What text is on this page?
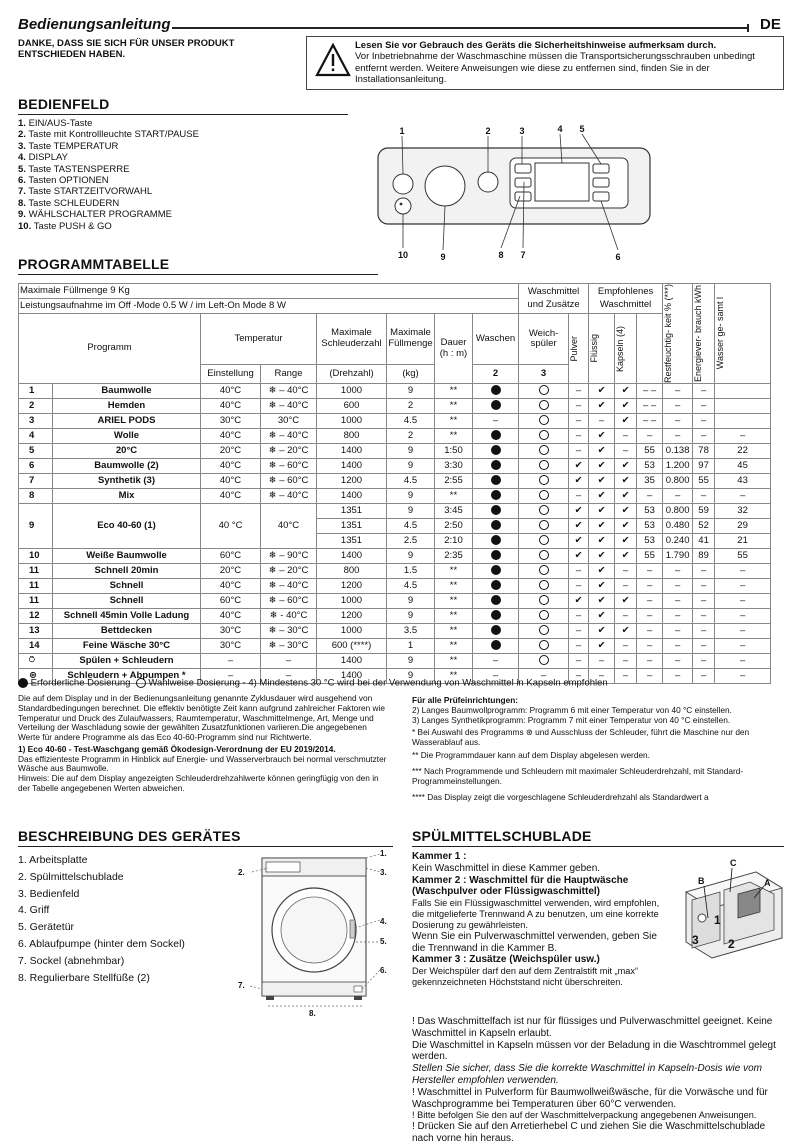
Bedienungsanleitung	DE
DANKE, DASS SIE SICH FÜR UNSER PRODUKT
ENTSCHIEDEN HABEN.
Lesen Sie vor Gebrauch des Geräts die Sicherheitshinweise aufmerksam durch.
Vor Inbetriebnahme der Waschmaschine müssen die Transportsicherungsschrauben unbedingt entfernt werden. Weitere Anweisungen wie diese zu entfernen sind, finden Sie in der Installationsanleitung.
BEDIENFELD
1. EIN/AUS-Taste
2. Taste mit Kontrollleuchte START/PAUSE
3. Taste TEMPERATUR
4. DISPLAY
5. Taste TASTENSPERRE
6. Tasten OPTIONEN
7. Taste STARTZEITVORWAHL
8. Taste SCHLEUDERN
9. WÄHLSCHALTER PROGRAMME
10. Taste PUSH & GO
1	2	3	4 5
10	9	8 7	6
PROGRAMMTABELLE
Maximale Füllmenge 9 Kg								Waschmittel und Zusätze		Empfohlenes Waschmittel			Restfeuchtig- keit % (***)	Energiever- brauch kWh	Wasser ge- samt l

Leistungsaufnahme im Off -Mode 0.5 W / im Left-On Mode 8 W																
Programm		Temperatur		Maximale Schleuderzahl	Maximale Füllmenge	Dauer
(h : m)	Waschen	Weich- spüler	Pulver	Flüssig	Kapseln (4)					

		Einstellung	Range	(Drehzahl)	(kg)		2	3								
1	Baumwolle	40°C	❄ – 40°C	1000	9	**			–	✔	✔	– –	–	–		
2	Hemden	40°C	❄ – 40°C	600	2	**			–	✔	✔	– –	–	–		
3	ARIEL PODS	30°C	30°C	1000	4.5	**	–		–	–	✔	– –	–	–		
4	Wolle	40°C	❄ – 40°C	800	2	**			–	✔	–	–	–	–	–	
5	20°C	20°C	❄ – 20°C	1400	9	1:50			–	✔	–	55	0.138	78	22	
6	Baumwolle (2)	40°C	❄ – 60°C	1400	9	3:30			✔	✔	✔	53	1.200	97	45	
7	Synthetik (3)	40°C	❄ – 60°C	1200	4.5	2:55			✔	✔	✔	35	0.800	55	43	
8	Mix	40°C	❄ – 40°C	1400	9	**			–	✔	✔	–	–	–	–	
9	Eco 40-60 (1)	40 °C	40°C	1351	9	3:45			✔	✔	✔	53	0.800	59	32	
				1351	4.5	2:50			✔	✔	✔	53	0.480	52	29	
				1351	2.5	2:10			✔	✔	✔	53	0.240	41	21	
10	Weiße Baumwolle	60°C	❄ – 90°C	1400	9	2:35			✔	✔	✔	55	1.790	89	55	
11	Schnell 20min	20°C	❄ – 20°C	800	1.5	**			–	✔	–	–	–	–	–	
11	Schnell	40°C	❄ – 40°C	1200	4.5	**			–	✔	–	–	–	–	–	
11	Schnell	60°C	❄ – 60°C	1000	9	**			✔	✔	✔	–	–	–	–	
12	Schnell 45min Volle Ladung	40°C	❄ - 40°C	1200	9	**			–	✔	–	–	–	–	–	
13	Bettdecken	30°C	❄ – 30°C	1000	3.5	**			–	✔	✔	–	–	–	–	
14	Feine Wäsche 30°C	30°C	❄ – 30°C	600 (****)	1	**			–	✔	–	–	–	–	–	
⍥	Spülen + Schleudern	–	–	1400	9	**	–		–	–	–	–	–	–	–	
⊛	Schleudern + Abpumpen *	–	–	1400	9	**	–	–	–	–	–	–	–	–	–	
Erforderliche Dosierung Wahlweise Dosierung - 4) Mindestens 30 °C wird bei der Verwendung von Waschmittel in Kapseln empfohlen

Die auf dem Display und in der Bedienungsanleitung genannte Zyklusdauer wird ausgehend von Standardbedingungen berechnet. Die effektiv benötigte Zeit kann aufgrund zahlreicher Faktoren wie Temperatur und Druck des Zulaufwassers, Raumtemperatur, Waschmittelmenge, Art, Menge und Verteilung der Waschladung sowie der gewählten Zusatzfunktionen variieren.Die angegebenen Werte für andere Programme als das Eco 40-60-Programm sind nur Richtwerte.

1) Eco 40-60 - Test-Waschgang gemäß Ökodesign-Verordnung der EU 2019/2014.

Das effizienteste Programm in Hinblick auf Energie- und Wasserverbrauch bei normal verschmutzter Wäsche aus Baumwolle.

Hinweis: Die auf dem Display angezeigten Schleuderdrehzahlwerte können geringfügig von den in der Tabelle angegebenen Werten abweichen.

Für alle Prüfeinrichtungen:

2) Langes Baumwollprogramm: Programm 6 mit einer Temperatur von 40 °C einstellen.

3) Langes Synthetikprogramm: Programm 7 mit einer Temperatur von 40 °C einstellen.

* Bei Auswahl des Programms ⊛ und Ausschluss der Schleuder, führt die Maschine nur den Wasserablauf aus.

** Die Programmdauer kann auf dem Display abgelesen werden.

*** Nach Programmende und Schleudern mit maximaler Schleuderdrehzahl, mit Standard-Programmeinstellungen.

**** Das Display zeigt die vorgeschlagene Schleuderdrehzahl als Standardwert a

BESCHREIBUNG DES GERÄTES
1. Arbeitsplatte
2. Spülmittelschublade
3. Bedienfeld
4. Griff
5. Gerätetür
6. Ablaufpumpe (hinter dem Sockel)
7. Sockel (abnehmbar)
8. Regulierbare Stellfüße (2)
1.
2.	3.
4.
5.
6.
7.
8.
SPÜLMITTELSCHUBLADE

Kammer 1 :

Kein Waschmittel in diese Kammer geben.

Kammer 2 : Waschmittel für die Hauptwäsche (Waschpulver oder Flüssigwaschmittel)

Falls Sie ein Flüssigwaschmittel verwenden, wird empfohlen, die mitgelieferte Trennwand A zu benutzen, um eine korrekte Dosierung zu gewährleisten.

Wenn Sie ein Pulverwaschmittel verwenden, geben Sie die Trennwand in die Kammer B.

Kammer 3 : Zusätze (Weichspüler usw.)

Der Weichspüler darf den auf dem Zentralstift mit „max“ gekennzeichneten Höchststand nicht überschreiten.

A
B
C
1
2
3

! Das Waschmittelfach ist nur für flüssiges und Pulverwaschmittel geeignet. Keine Waschmittel in Kapseln erlaubt.

Die Waschmittel in Kapseln müssen vor der Beladung in die Waschtrommel gelegt werden.

Stellen Sie sicher, dass Sie die korrekte Waschmittel in Kapseln-Dosis wie vom Hersteller empfohlen verwenden.

! Waschmittel in Pulverform für Baumwollweißwäsche, für die Vorwäsche und für Waschprogramme bei Temperaturen über 60°C verwenden.

! Bitte befolgen Sie den auf der Waschmittelverpackung angegebenen Anweisungen.

! Drücken Sie auf den Arretierhebel C und ziehen Sie die Waschmittelschublade nach vorne hin heraus.
